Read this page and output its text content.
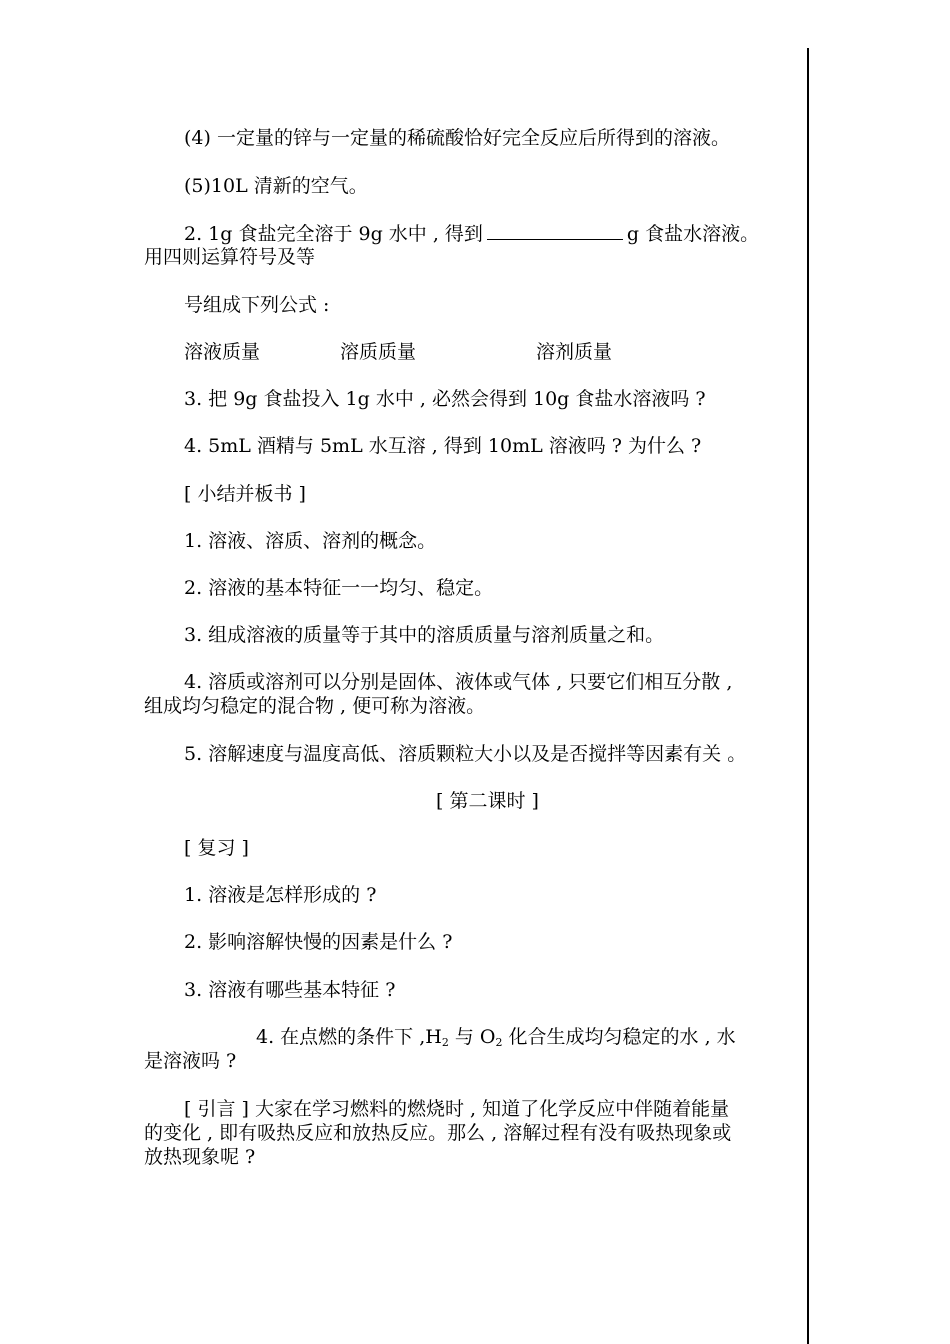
(4) 一定量的锌与一定量的稀硫酸恰好完全反应后所得到的溶液。
(5)10L 清新的空气。
2. 1g 食盐完全溶于 9g 水中 , 得到	g 食盐水溶液。
用四则运算符号及等
号组成下列公式 :
溶液质量	溶质质量	溶剂质量
3. 把 9g 食盐投入 1g 水中 , 必然会得到 10g 食盐水溶液吗 ?
4. 5mL 酒精与 5mL 水互溶 , 得到 10mL 溶液吗 ? 为什么 ?
[ 小结并板书 ]
1. 溶液、溶质、溶剂的概念。
2. 溶液的基本特征一一均匀、稳定。
3. 组成溶液的质量等于其中的溶质质量与溶剂质量之和。
4. 溶质或溶剂可以分别是固体、液体或气体 , 只要它们相互分散 ,
组成均匀稳定的混合物 , 便可称为溶液。
5. 溶解速度与温度高低、溶质颗粒大小以及是否搅拌等因素有关 。
[ 第二课时 ]
[ 复习 ]
1. 溶液是怎样形成的 ?
2. 影响溶解快慢的因素是什么 ?
3. 溶液有哪些基本特征 ?
4. 在点燃的条件下 $,H_2$ 与 $O_2$ 化合生成均匀稳定的水 , 水
是溶液吗 ?
[ 引言 ] 大家在学习燃料的燃烧时 , 知道了化学反应中伴随着能量
的变化 , 即有吸热反应和放热反应。那么 , 溶解过程有没有吸热现象或
放热现象呢 ?
